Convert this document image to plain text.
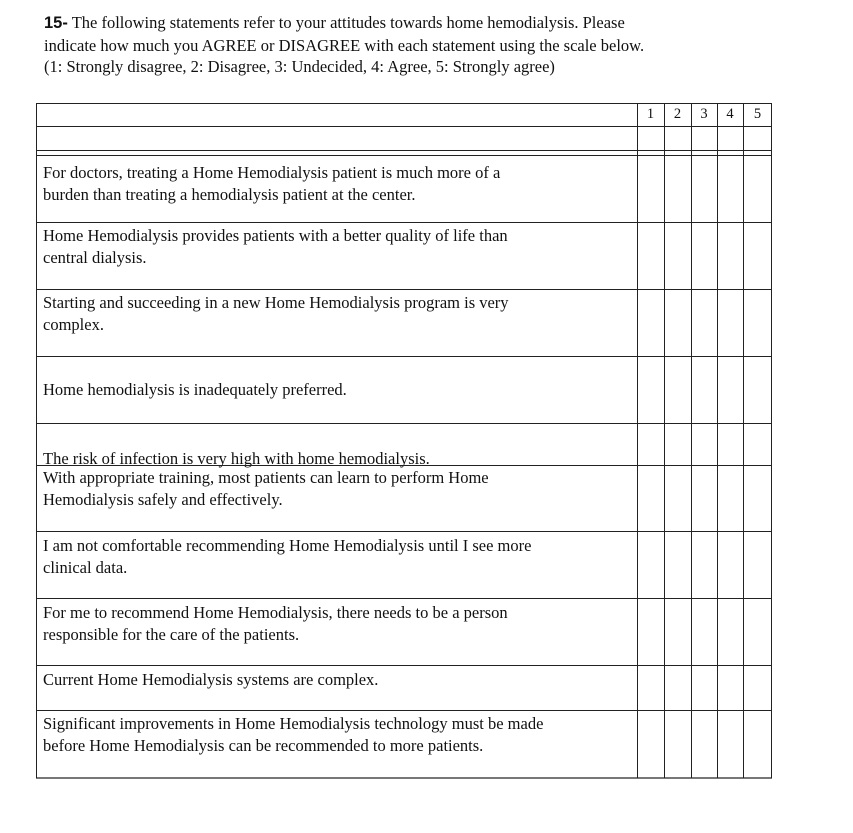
15- The following statements refer to your attitudes towards home hemodialysis. Please
indicate how much you AGREE or DISAGREE with each statement using the scale below.
(1: Strongly disagree, 2: Disagree, 3: Undecided, 4: Agree, 5: Strongly agree)
1	2	3	4	5
For doctors, treating a Home Hemodialysis patient is much more of a
burden than treating a hemodialysis patient at the center.
Home Hemodialysis provides patients with a better quality of life than
central dialysis.
Starting and succeeding in a new Home Hemodialysis program is very
complex.
Home hemodialysis is inadequately preferred.
The risk of infection is very high with home hemodialysis.
With appropriate training, most patients can learn to perform Home
Hemodialysis safely and effectively.
I am not comfortable recommending Home Hemodialysis until I see more
clinical data.
For me to recommend Home Hemodialysis, there needs to be a person
responsible for the care of the patients.
Current Home Hemodialysis systems are complex.
Significant improvements in Home Hemodialysis technology must be made
before Home Hemodialysis can be recommended to more patients.
